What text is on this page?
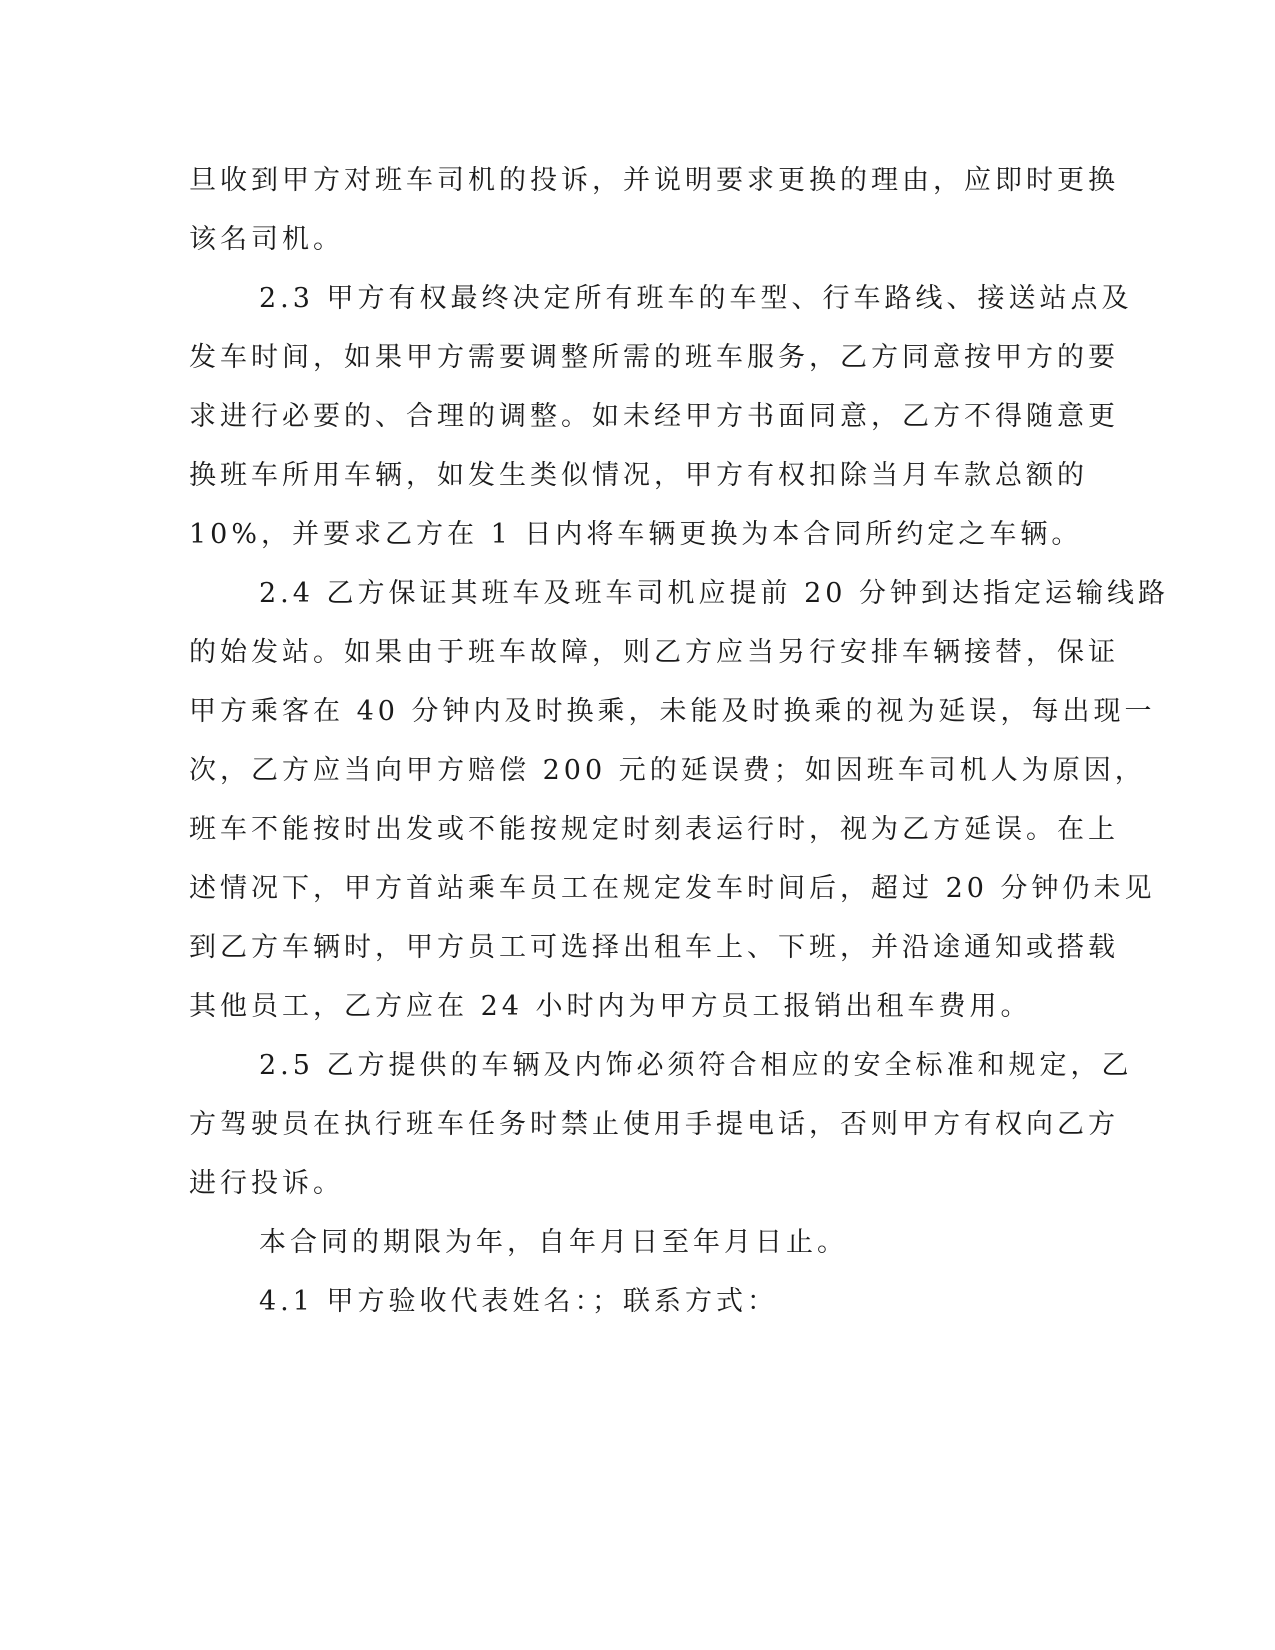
旦收到甲方对班车司机的投诉，并说明要求更换的理由，应即时更换
该名司机。
2.3 甲方有权最终决定所有班车的车型、行车路线、接送站点及
发车时间，如果甲方需要调整所需的班车服务，乙方同意按甲方的要
求进行必要的、合理的调整。如未经甲方书面同意，乙方不得随意更
换班车所用车辆，如发生类似情况，甲方有权扣除当月车款总额的
10%，并要求乙方在 1 日内将车辆更换为本合同所约定之车辆。
2.4 乙方保证其班车及班车司机应提前 20 分钟到达指定运输线路
的始发站。如果由于班车故障，则乙方应当另行安排车辆接替，保证
甲方乘客在 40 分钟内及时换乘，未能及时换乘的视为延误，每出现一
次，乙方应当向甲方赔偿 200 元的延误费；如因班车司机人为原因，
班车不能按时出发或不能按规定时刻表运行时，视为乙方延误。在上
述情况下，甲方首站乘车员工在规定发车时间后，超过 20 分钟仍未见
到乙方车辆时，甲方员工可选择出租车上、下班，并沿途通知或搭载
其他员工，乙方应在 24 小时内为甲方员工报销出租车费用。
2.5 乙方提供的车辆及内饰必须符合相应的安全标准和规定，乙
方驾驶员在执行班车任务时禁止使用手提电话，否则甲方有权向乙方
进行投诉。
本合同的期限为年，自年月日至年月日止。
4.1 甲方验收代表姓名：；联系方式：
